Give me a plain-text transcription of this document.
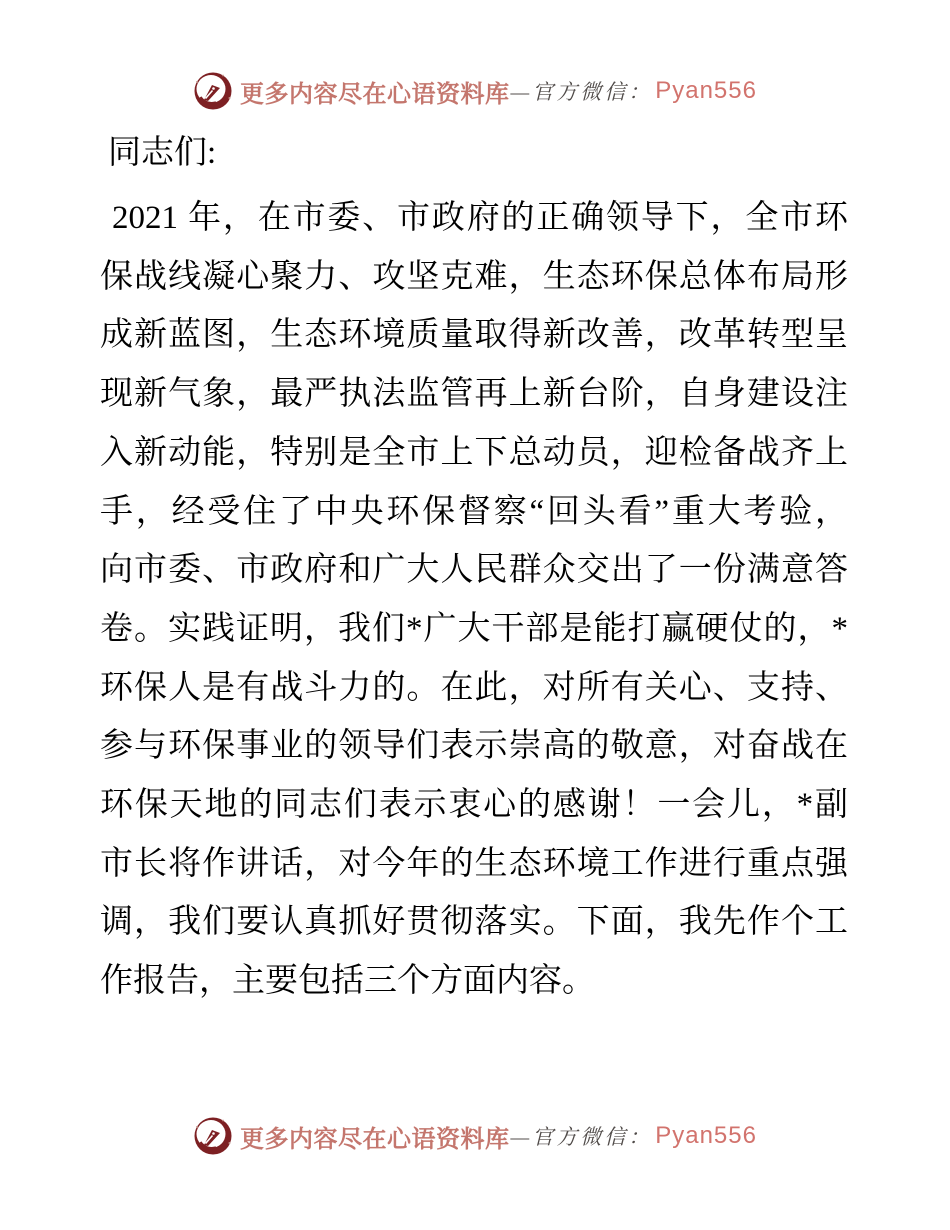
更多内容尽在心语资料库 —官方微信： Pyan556
同志们:
2021 年，在市委、市政府的正确领导下，全市环
保战线凝心聚力、攻坚克难，生态环保总体布局形
成新蓝图，生态环境质量取得新改善，改革转型呈
现新气象，最严执法监管再上新台阶，自身建设注
入新动能，特别是全市上下总动员，迎检备战齐上
手，经受住了中央环保督察“回头看”重大考验，
向市委、市政府和广大人民群众交出了一份满意答
卷。实践证明，我们*广大干部是能打赢硬仗的，*
环保人是有战斗力的。在此，对所有关心、支持、
参与环保事业的领导们表示崇高的敬意，对奋战在
环保天地的同志们表示衷心的感谢！一会儿，*副
市长将作讲话，对今年的生态环境工作进行重点强
调，我们要认真抓好贯彻落实。下面，我先作个工
作报告，主要包括三个方面内容。
更多内容尽在心语资料库 —官方微信： Pyan556
